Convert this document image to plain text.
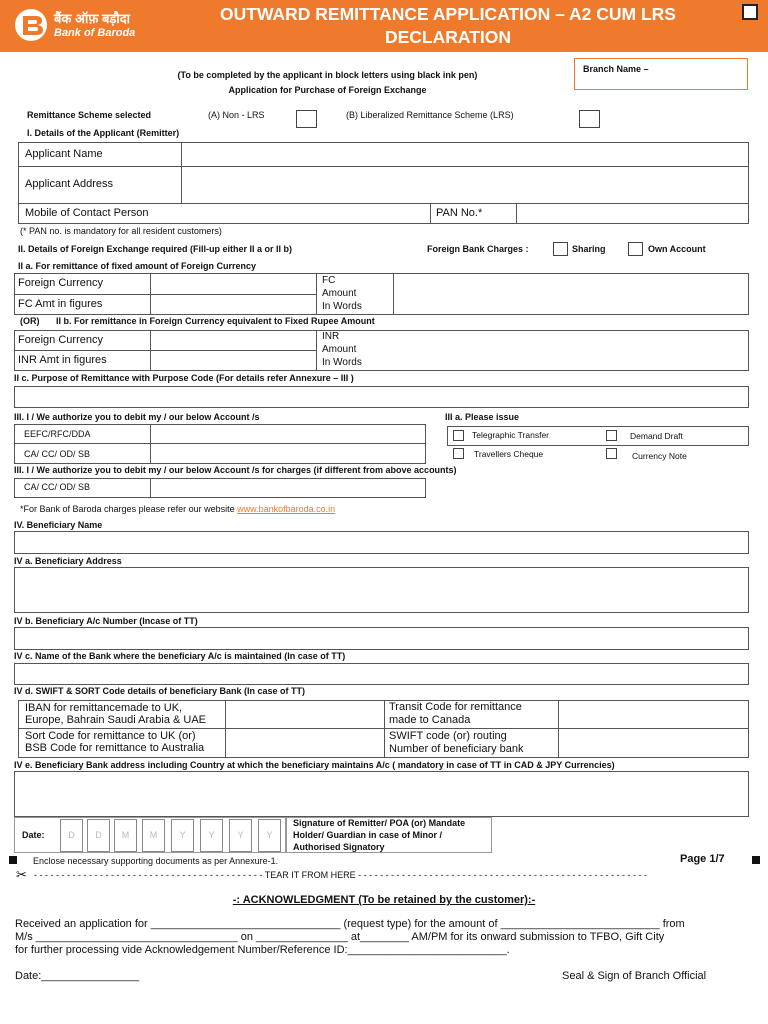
बैंक ऑफ़ बड़ौदा
Bank of Baroda
OUTWARD REMITTANCE APPLICATION – A2 CUM LRS
DECLARATION
Branch Name –
(To be completed by the applicant in block letters using black ink pen)
Application for Purchase of Foreign Exchange
Remittance Scheme selected	(A) Non - LRS	(B) Liberalized Remittance Scheme (LRS)
I. Details of the Applicant (Remitter)
Applicant Name
Applicant Address
Mobile of Contact Person	PAN No.*
(* PAN no. is mandatory for all resident customers)
II. Details of Foreign Exchange required (Fill-up either II a or II b)	Foreign Bank Charges :	Sharing	Own Account
II a. For remittance of fixed amount of Foreign Currency
Foreign Currency
FC Amt in figures
FC
Amount
In Words
(OR) II b. For remittance in Foreign Currency equivalent to Fixed Rupee Amount
Foreign Currency
INR Amt in figures
INR
Amount
In Words
II c. Purpose of Remittance with Purpose Code (For details refer Annexure – III )
III. I / We authorize you to debit my / our below Account /s
EEFC/RFC/DDA
CA/ CC/ OD/ SB
III a. Please issue
Telegraphic Transfer	Demand Draft
Travellers Cheque	Currency Note
III. I / We authorize you to debit my / our below Account /s for charges (if different from above accounts)
CA/ CC/ OD/ SB
*For Bank of Baroda charges please refer our website www.bankofbaroda.co.in
IV. Beneficiary Name
IV a. Beneficiary Address
IV b. Beneficiary A/c Number (Incase of TT)
IV c. Name of the Bank where the beneficiary A/c is maintained (In case of TT)
IV d. SWIFT & SORT Code details of beneficiary Bank (In case of TT)
IBAN for remittancemade to UK,
Europe, Bahrain Saudi Arabia & UAE
Transit Code for remittance
made to Canada
Sort Code for remittance to UK (or)
BSB Code for remittance to Australia
SWIFT code (or) routing
Number of beneficiary bank
IV e. Beneficiary Bank address including Country at which the beneficiary maintains A/c ( mandatory in case of TT in CAD & JPY Currencies)
Date:	D	D	M	M	Y	Y	Y	Y
Signature of Remitter/ POA (or) Mandate
Holder/ Guardian in case of Minor /
Authorised Signatory
Enclose necessary supporting documents as per Annexure-1.	Page 1/7
✂ - - - - - - - - - - - - - - - - - - - - - - - - - - - - - - - - - - - - - - - - - - TEAR IT FROM HERE - - - - - - - - - - - - - - - - - - - - - - - - - - - - - - - - - - - - - - - - - - - - - - - - - - - - -
-: ACKNOWLEDGMENT (To be retained by the customer):-
Received an application for _______________________________ (request type) for the amount of __________________________ from
M/s _________________________________ on _______________ at________ AM/PM for its onward submission to TFBO, Gift City
for further processing vide Acknowledgement Number/Reference ID:__________________________.
Date:________________	Seal & Sign of Branch Official
